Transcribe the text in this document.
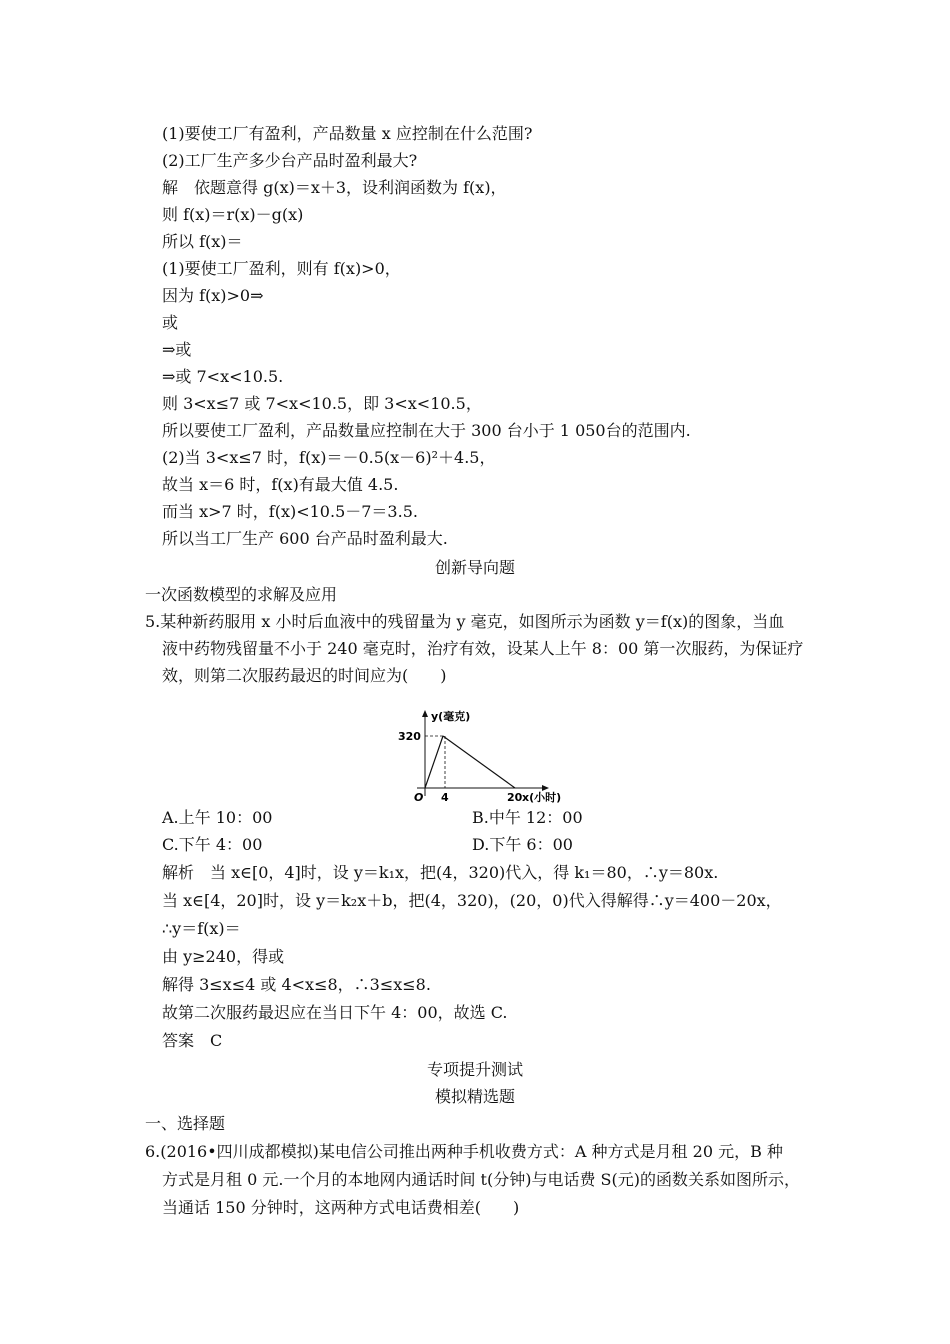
(1)要使工厂有盈利，产品数量 x 应控制在什么范围?
(2)工厂生产多少台产品时盈利最大?
解　依题意得 g(x)＝x＋3，设利润函数为 f(x)，
则 f(x)＝r(x)－g(x)
所以 f(x)＝
(1)要使工厂盈利，则有 f(x)>0，
因为 f(x)>0⇒
或
⇒或
⇒或 7<x<10.5.
则 3<x≤7 或 7<x<10.5，即 3<x<10.5，
所以要使工厂盈利，产品数量应控制在大于 300 台小于 1 050台的范围内.
(2)当 3<x≤7 时，f(x)＝－0.5(x－6)²＋4.5，
故当 x＝6 时，f(x)有最大值 4.5.
而当 x>7 时，f(x)<10.5－7＝3.5.
所以当工厂生产 600 台产品时盈利最大.
创新导向题
一次函数模型的求解及应用
5.某种新药服用 x 小时后血液中的残留量为 y 毫克，如图所示为函数 y＝f(x)的图象，当血
液中药物残留量不小于 240 毫克时，治疗有效，设某人上午 8：00 第一次服药，为保证疗
效，则第二次服药最迟的时间应为(　　)
y(毫克)
320
O 4	20 x(小时)
A.上午 10：00	B.中午 12：00
C.下午 4：00	D.下午 6：00
解析　当 x∈[0，4]时，设 y＝k₁x，把(4，320)代入，得 k₁＝80，∴y＝80x.
当 x∈[4，20]时，设 y＝k₂x＋b，把(4，320)，(20，0)代入得解得∴y＝400－20x，
∴y＝f(x)＝
由 y≥240，得或
解得 3≤x≤4 或 4<x≤8，∴3≤x≤8.
故第二次服药最迟应在当日下午 4：00，故选 C.
答案　C
专项提升测试
模拟精选题
一、选择题
6.(2016•四川成都模拟)某电信公司推出两种手机收费方式：A 种方式是月租 20 元，B 种
方式是月租 0 元.一个月的本地网内通话时间 t(分钟)与电话费 S(元)的函数关系如图所示，
当通话 150 分钟时，这两种方式电话费相差(　　)
